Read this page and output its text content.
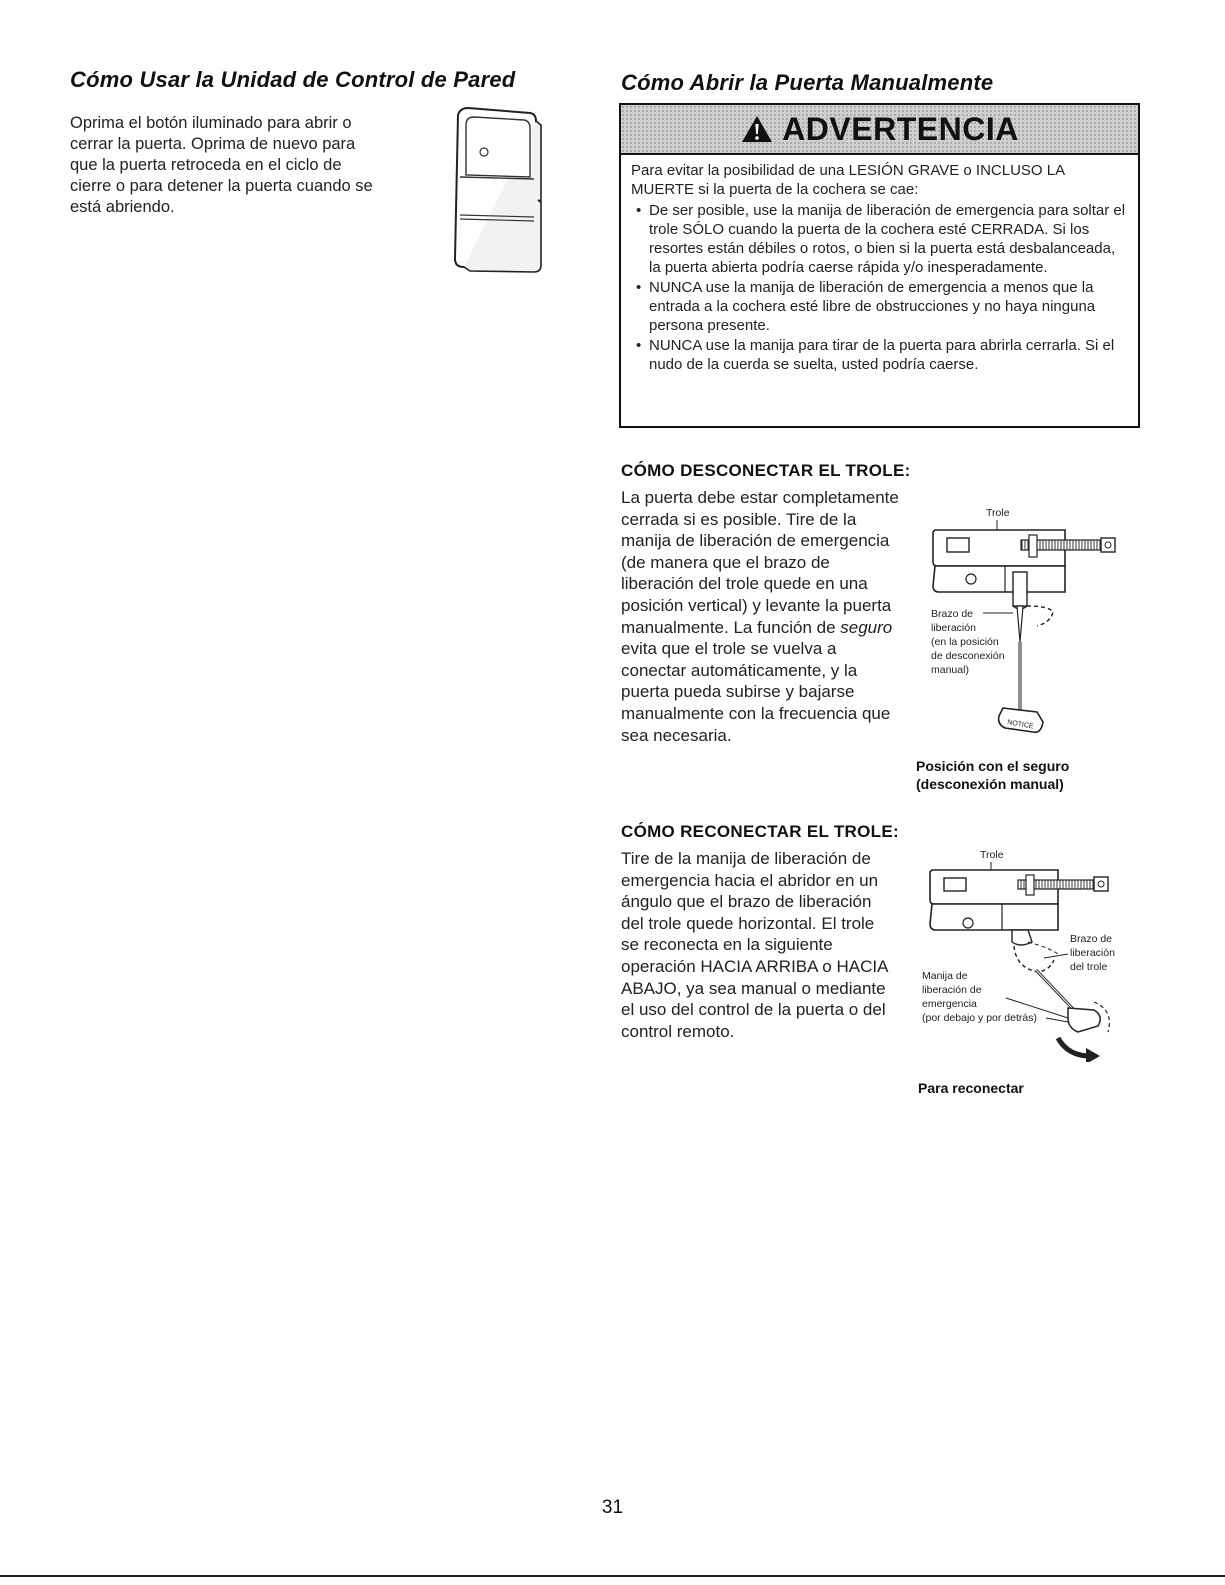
Cómo Usar la Unidad de Control de Pared
Oprima el botón iluminado para abrir o
cerrar la puerta. Oprima de nuevo para
que la puerta retroceda en el ciclo de
cierre o para detener la puerta cuando se
está abriendo.
Cómo Abrir la Puerta Manualmente
ADVERTENCIA

Para evitar la posibilidad de una LESIÓN GRAVE o INCLUSO LA MUERTE si la puerta de la cochera se cae:

• De ser posible, use la manija de liberación de emergencia para soltar el trole SÓLO cuando la puerta de la cochera esté CERRADA. Si los resortes están débiles o rotos, o bien si la puerta está desbalanceada, la puerta abierta podría caerse rápida y/o inesperadamente.
• NUNCA use la manija de liberación de emergencia a menos que la entrada a la cochera esté libre de obstrucciones y no haya ninguna persona presente.
• NUNCA use la manija para tirar de la puerta para abrirla cerrarla. Si el nudo de la cuerda se suelta, usted podría caerse.
CÓMO DESCONECTAR EL TROLE:
La puerta debe estar completamente
cerrada si es posible. Tire de la
manija de liberación de emergencia
(de manera que el brazo de
liberación del trole quede en una
posición vertical) y levante la puerta
manualmente. La función de seguro
evita que el trole se vuelva a
conectar automáticamente, y la
puerta pueda subirse y bajarse
manualmente con la frecuencia que
sea necesaria.
Trole
NOTICE
Brazo de liberación (en la posición de desconexión manual)
Posición con el seguro
(desconexión manual)
CÓMO RECONECTAR EL TROLE:
Tire de la manija de liberación de
emergencia hacia el abridor en un
ángulo que el brazo de liberación
del trole quede horizontal. El trole
se reconecta en la siguiente
operación HACIA ARRIBA o HACIA
ABAJO, ya sea manual o mediante
el uso del control de la puerta o del
control remoto.
Trole
Brazo de liberación del trole
Manija de liberación de emergencia (por debajo y por detrás)
Para reconectar
31
